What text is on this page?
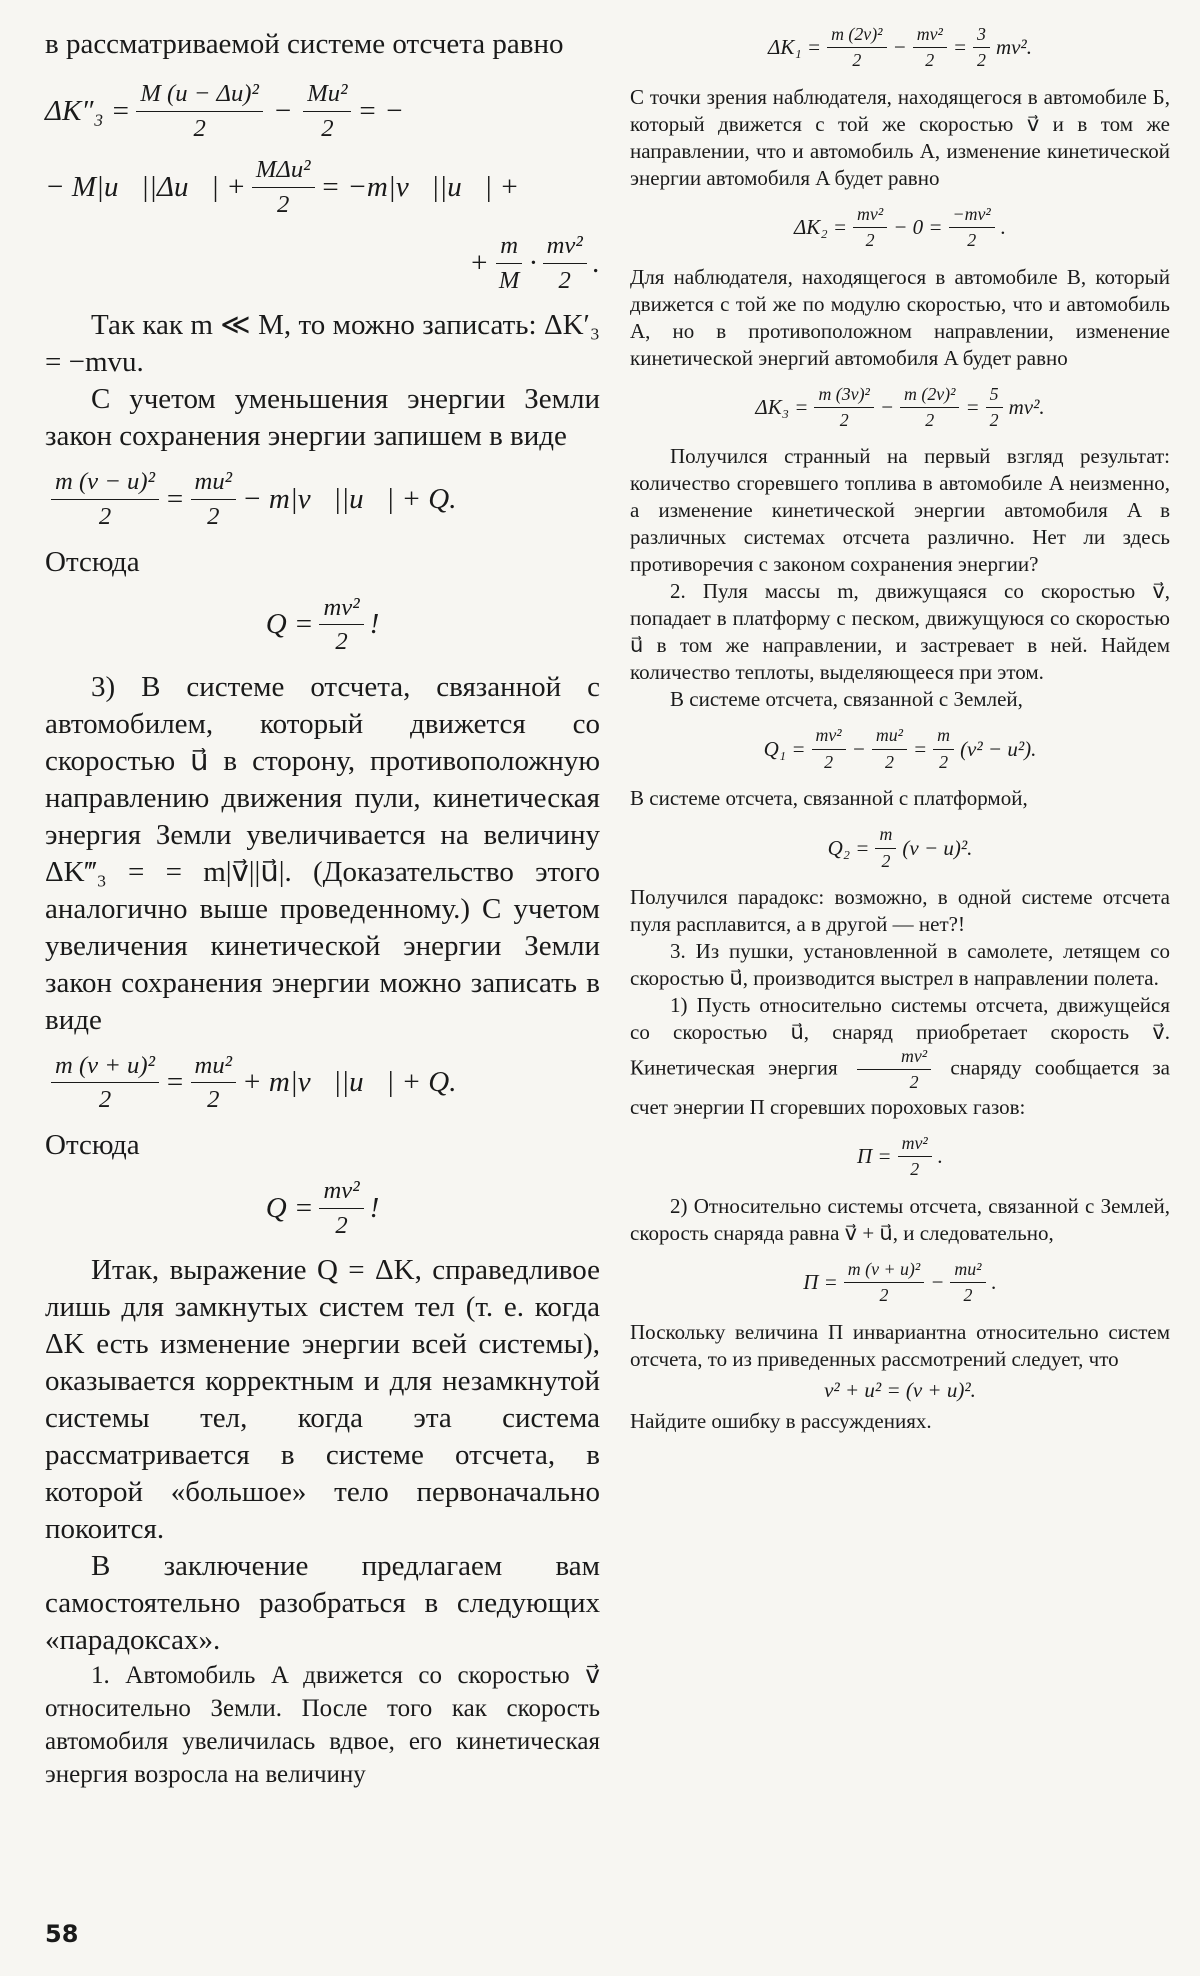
в рассматриваемой системе отсчета равно

$\Delta K''_3 = \frac{\text{M (u − Δu)²}}{2} - \frac{\text{Mu²}}{2}$ = −
− M|u⃗||Δu⃗| + $\frac{\text{MΔu²}}{2}$ = −m|v⃗||u⃗| +
+ $\frac{m}{M} \cdot \frac{\text{mv²}}{2}$ .

Так как m ≪ M, то можно записать: ΔK′₃ = −mvu.

С учетом уменьшения энергии Земли закон сохранения энергии запишем в виде

$\frac{\text{m (v − u)²}}{2} = \frac{\text{mu²}}{2}$ − m|v⃗||u⃗| + Q.

Отсюда

$Q = \frac{\text{mv²}}{2}$ !

3) В системе отсчета, связанной с автомобилем, который движется со скоростью u⃗ в сторону, противоположную направлению движения пули, кинетическая энергия Земли увеличивается на величину ΔK‴₃ = = m|v⃗||u⃗|. (Доказательство этого аналогично выше проведенному.) С учетом увеличения кинетической энергии Земли закон сохранения энергии можно записать в виде

$\frac{\text{m (v + u)²}}{2} = \frac{\text{mu²}}{2}$ + m|v⃗||u⃗| + Q.

Отсюда

$Q = \frac{\text{mv²}}{2}$ !

Итак, выражение Q = ΔK, справедливое лишь для замкнутых систем тел (т. е. когда ΔK есть изменение энергии всей системы), оказывается корректным и для незамкнутой системы тел, когда эта система рассматривается в системе отсчета, в которой «большое» тело первоначально покоится.

В заключение предлагаем вам самостоятельно разобраться в следующих «парадоксах».

1. Автомобиль A движется со скоростью v⃗ относительно Земли. После того как скорость автомобиля увеличилась вдвое, его кинетическая энергия возросла на величину

$\Delta K_1 = \frac{\text{m (2v)²}}{2} - \frac{\text{mv²}}{2} = \frac{3}{2} mv^2$.

С точки зрения наблюдателя, находящегося в автомобиле Б, который движется с той же скоростью v⃗ и в том же направлении, что и автомобиль A, изменение кинетической энергии автомобиля A будет равно

$\Delta K_2 = \frac{\text{mv²}}{2} - 0 = \frac{\text{−mv²}}{2}$ .

Для наблюдателя, находящегося в автомобиле B, который движется с той же по модулю скоростью, что и автомобиль A, но в противоположном направлении, изменение кинетической энергий автомобиля A будет равно

$\Delta K_3 = \frac{\text{m (3v)²}}{2} - \frac{\text{m (2v)²}}{2} = \frac{5}{2} mv^2$.

Получился странный на первый взгляд результат: количество сгоревшего топлива в автомобиле A неизменно, а изменение кинетической энергии автомобиля A в различных системах отсчета различно. Нет ли здесь противоречия с законом сохранения энергии?

2. Пуля массы m, движущаяся со скоростью v⃗, попадает в платформу с песком, движущуюся со скоростью u⃗ в том же направлении, и застревает в ней. Найдем количество теплоты, выделяющееся при этом.

В системе отсчета, связанной с Землей,

$Q_1 = \frac{\text{mv²}}{2} - \frac{\text{mu²}}{2} = \frac{m}{2} (v^2 - u^2)$.

В системе отсчета, связанной с платформой,

$Q_2 = \frac{m}{2} (v - u)^2$.

Получился парадокс: возможно, в одной системе отсчета пуля расплавится, а в другой — нет?!

3. Из пушки, установленной в самолете, летящем со скоростью u⃗, производится выстрел в направлении полета.

1) Пусть относительно системы отсчета, движущейся со скоростью u⃗, снаряд приобретает скорость v⃗. Кинетическая энергия $\frac{\text{mv²}}{2}$ снаряду сообщается за счет энергии П сгоревших пороховых газов:

$П = \frac{\text{mv²}}{2}$ .

2) Относительно системы отсчета, связанной с Землей, скорость снаряда равна v⃗ + u⃗, и следовательно,

$П = \frac{\text{m (v + u)²}}{2} - \frac{\text{mu²}}{2}$ .

Поскольку величина П инвариантна относительно систем отсчета, то из приведенных рассмотрений следует, что

v² + u² = (v + u)².

Найдите ошибку в рассуждениях.

58
